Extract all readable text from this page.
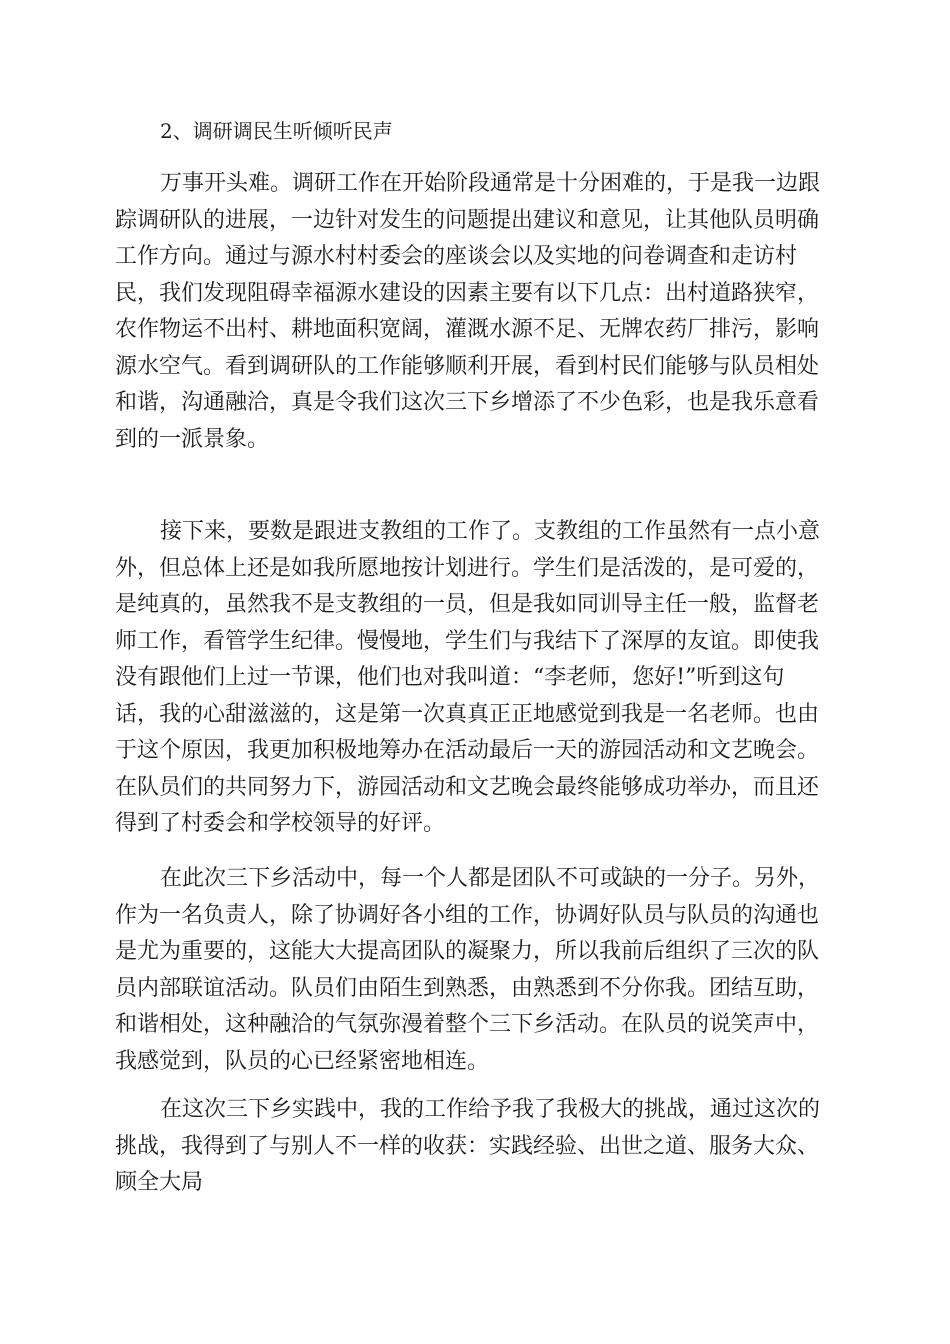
2、调研调民生听倾听民声
万事开头难。调研工作在开始阶段通常是十分困难的，于是我一边跟
踪调研队的进展，一边针对发生的问题提出建议和意见，让其他队员明确
工作方向。通过与源水村村委会的座谈会以及实地的问卷调查和走访村
民，我们发现阻碍幸福源水建设的因素主要有以下几点：出村道路狭窄，
农作物运不出村、耕地面积宽阔，灌溉水源不足、无牌农药厂排污，影响
源水空气。看到调研队的工作能够顺利开展，看到村民们能够与队员相处
和谐，沟通融洽，真是令我们这次三下乡增添了不少色彩，也是我乐意看
到的一派景象。
接下来，要数是跟进支教组的工作了。支教组的工作虽然有一点小意
外，但总体上还是如我所愿地按计划进行。学生们是活泼的，是可爱的，
是纯真的，虽然我不是支教组的一员，但是我如同训导主任一般，监督老
师工作，看管学生纪律。慢慢地，学生们与我结下了深厚的友谊。即使我
没有跟他们上过一节课，他们也对我叫道：“李老师，您好!”听到这句
话，我的心甜滋滋的，这是第一次真真正正地感觉到我是一名老师。也由
于这个原因，我更加积极地筹办在活动最后一天的游园活动和文艺晚会。
在队员们的共同努力下，游园活动和文艺晚会最终能够成功举办，而且还
得到了村委会和学校领导的好评。
在此次三下乡活动中，每一个人都是团队不可或缺的一分子。另外，
作为一名负责人，除了协调好各小组的工作，协调好队员与队员的沟通也
是尤为重要的，这能大大提高团队的凝聚力，所以我前后组织了三次的队
员内部联谊活动。队员们由陌生到熟悉，由熟悉到不分你我。团结互助，
和谐相处，这种融洽的气氛弥漫着整个三下乡活动。在队员的说笑声中，
我感觉到，队员的心已经紧密地相连。
在这次三下乡实践中，我的工作给予我了我极大的挑战，通过这次的
挑战，我得到了与别人不一样的收获：实践经验、出世之道、服务大众、
顾全大局
